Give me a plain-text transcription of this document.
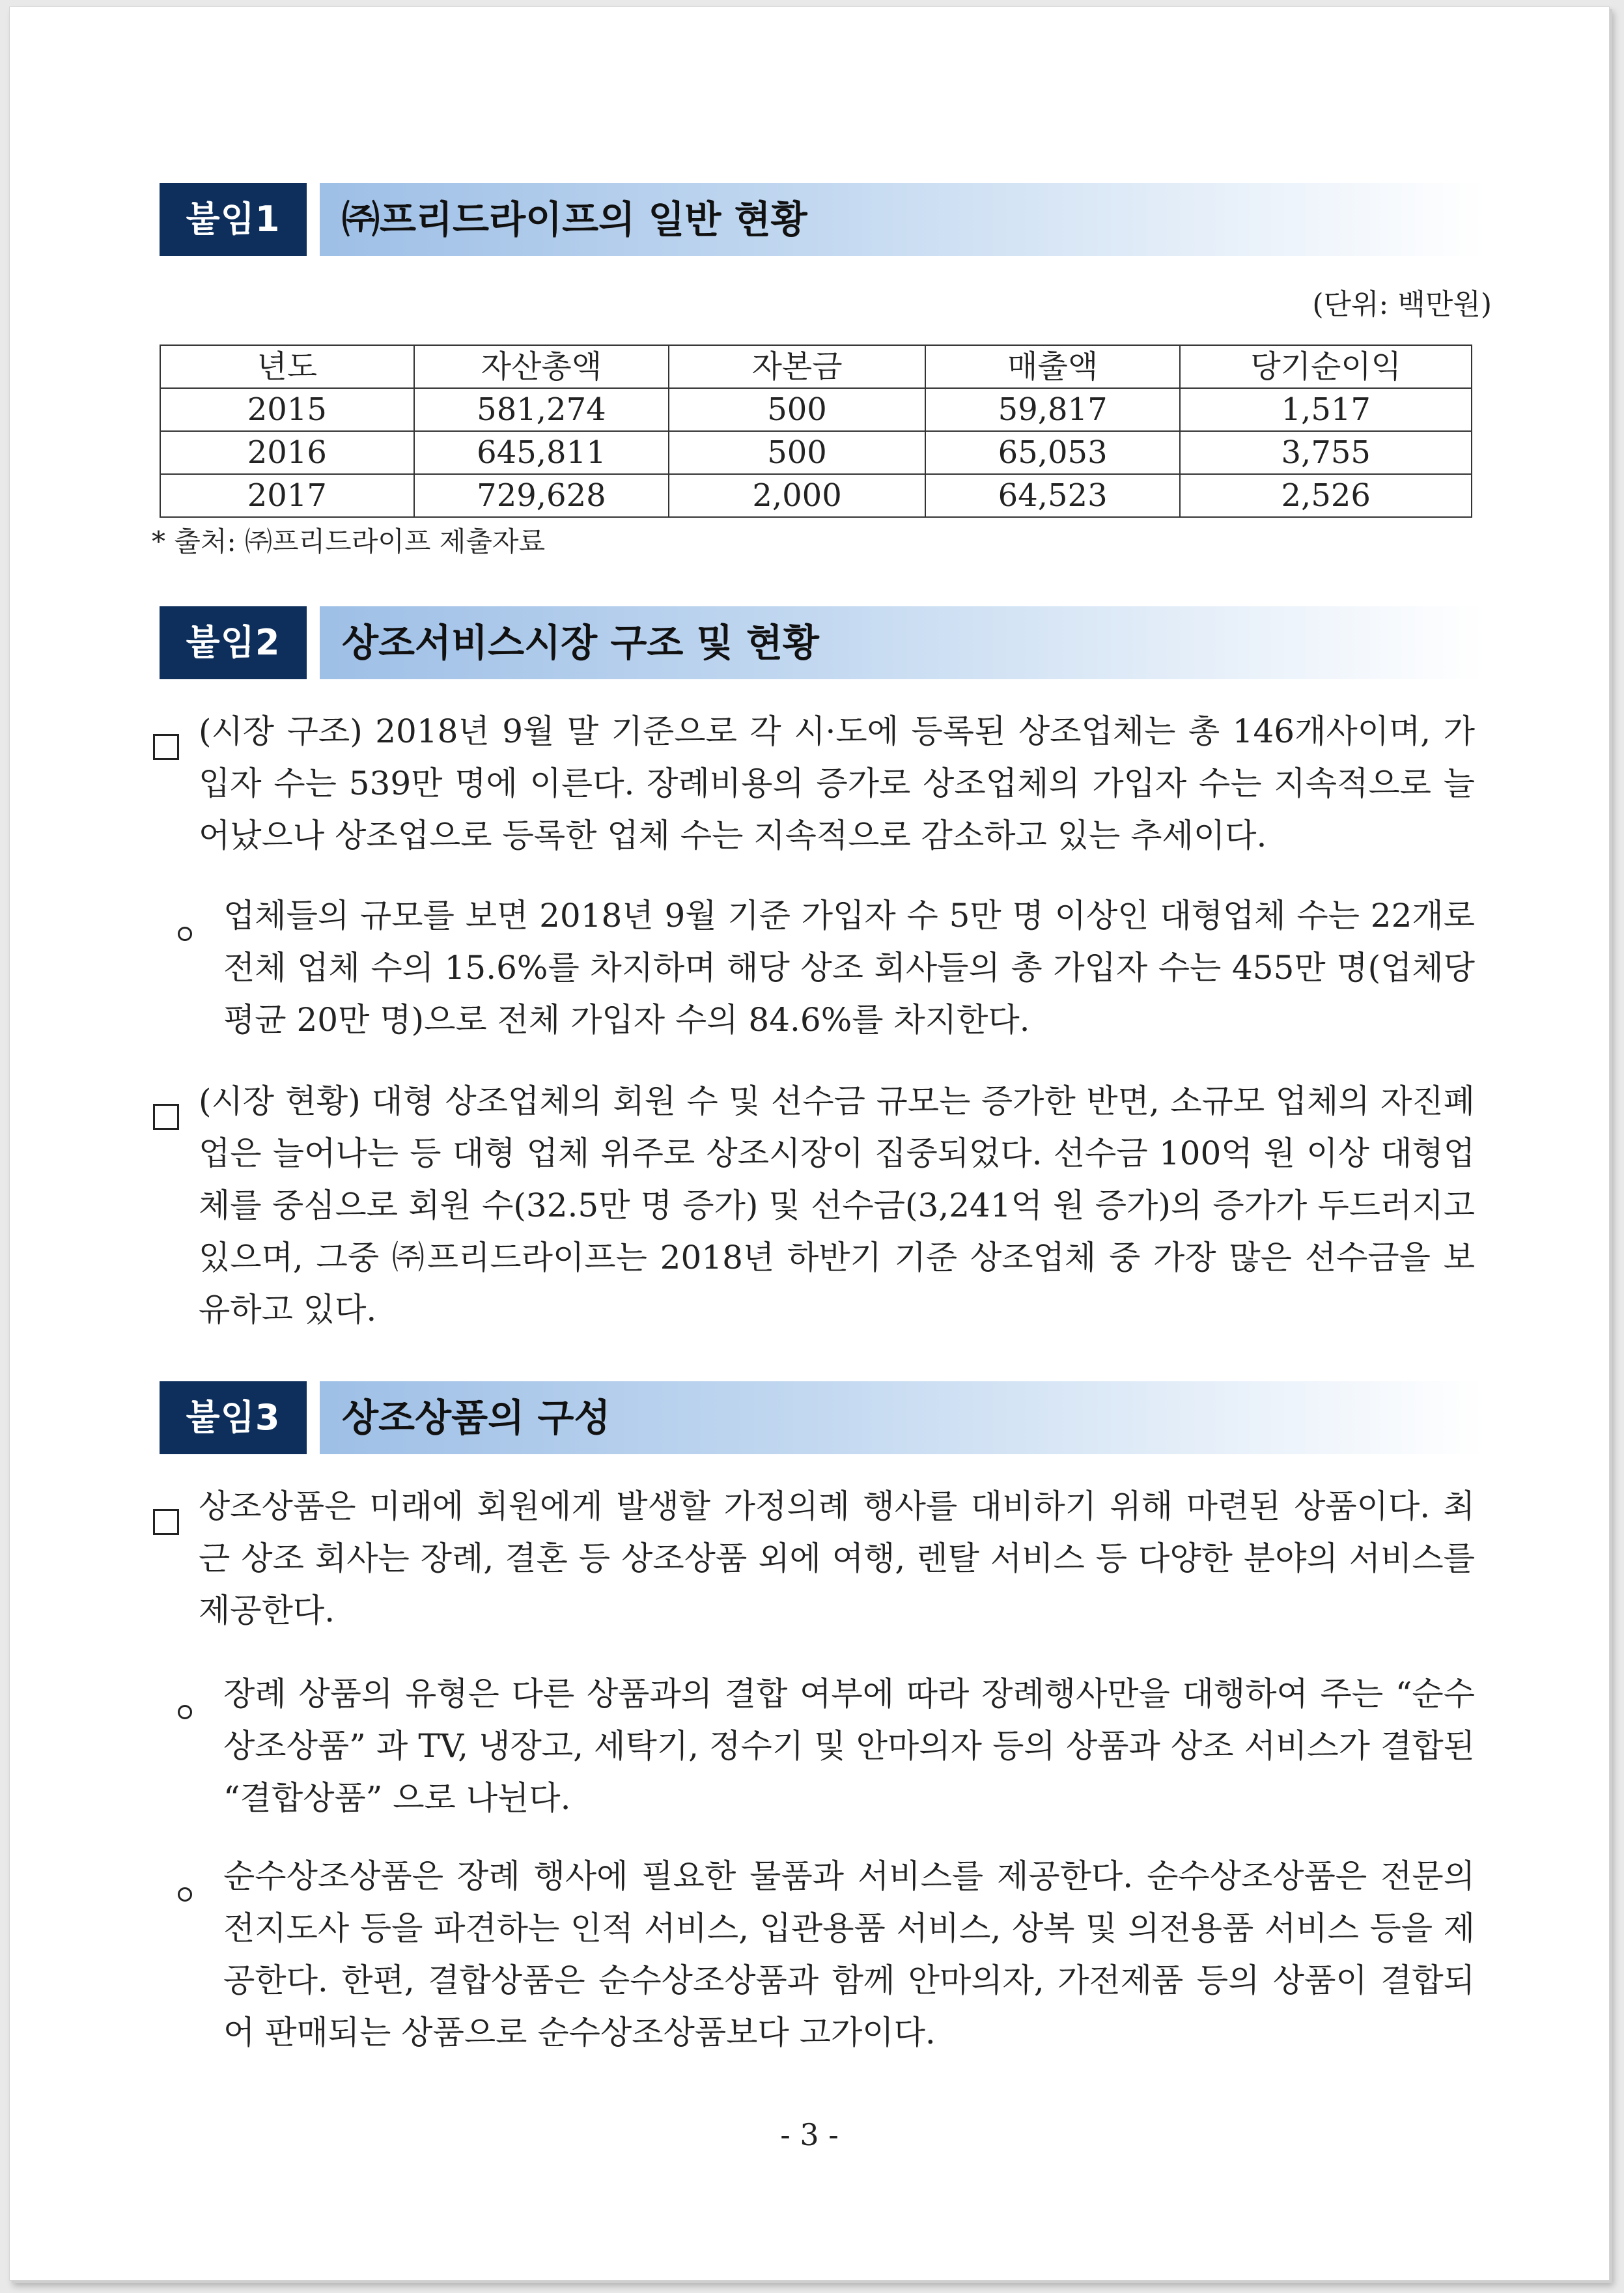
붙임1	㈜프리드라이프의 일반 현황
(단위: 백만원)
년도	자산총액	자본금	매출액	당기순이익
2015	581,274	500	59,817	1,517
2016	645,811	500	65,053	3,755
2017	729,628	2,000	64,523	2,526
* 출처: ㈜프리드라이프 제출자료
붙임2	상조서비스시장 구조 및 현황
(시장 구조) 2018년 9월 말 기준으로 각 시·도에 등록된 상조업체는 총 146개사이며, 가입자 수는 539만 명에 이른다. 장례비용의 증가로 상조업체의 가입자 수는 지속적으로 늘어났으나 상조업으로 등록한 업체 수는 지속적으로 감소하고 있는 추세이다.
업체들의 규모를 보면 2018년 9월 기준 가입자 수 5만 명 이상인 대형업체 수는 22개로 전체 업체 수의 15.6%를 차지하며 해당 상조 회사들의 총 가입자 수는 455만 명(업체당 평균 20만 명)으로 전체 가입자 수의 84.6%를 차지한다.
(시장 현황) 대형 상조업체의 회원 수 및 선수금 규모는 증가한 반면, 소규모 업체의 자진폐업은 늘어나는 등 대형 업체 위주로 상조시장이 집중되었다. 선수금 100억 원 이상 대형업체를 중심으로 회원 수(32.5만 명 증가) 및 선수금(3,241억 원 증가)의 증가가 두드러지고 있으며, 그중 ㈜프리드라이프는 2018년 하반기 기준 상조업체 중 가장 많은 선수금을 보유하고 있다.
붙임3	상조상품의 구성
상조상품은 미래에 회원에게 발생할 가정의례 행사를 대비하기 위해 마련된 상품이다. 최근 상조 회사는 장례, 결혼 등 상조상품 외에 여행, 렌탈 서비스 등 다양한 분야의 서비스를 제공한다.
장례 상품의 유형은 다른 상품과의 결합 여부에 따라 장례행사만을 대행하여 주는 “순수상조상품” 과 TV, 냉장고, 세탁기, 정수기 및 안마의자 등의 상품과 상조 서비스가 결합된 “결합상품” 으로 나뉜다.
순수상조상품은 장례 행사에 필요한 물품과 서비스를 제공한다. 순수상조상품은 전문의전지도사 등을 파견하는 인적 서비스, 입관용품 서비스, 상복 및 의전용품 서비스 등을 제공한다. 한편, 결합상품은 순수상조상품과 함께 안마의자, 가전제품 등의 상품이 결합되어 판매되는 상품으로 순수상조상품보다 고가이다.
- 3 -
